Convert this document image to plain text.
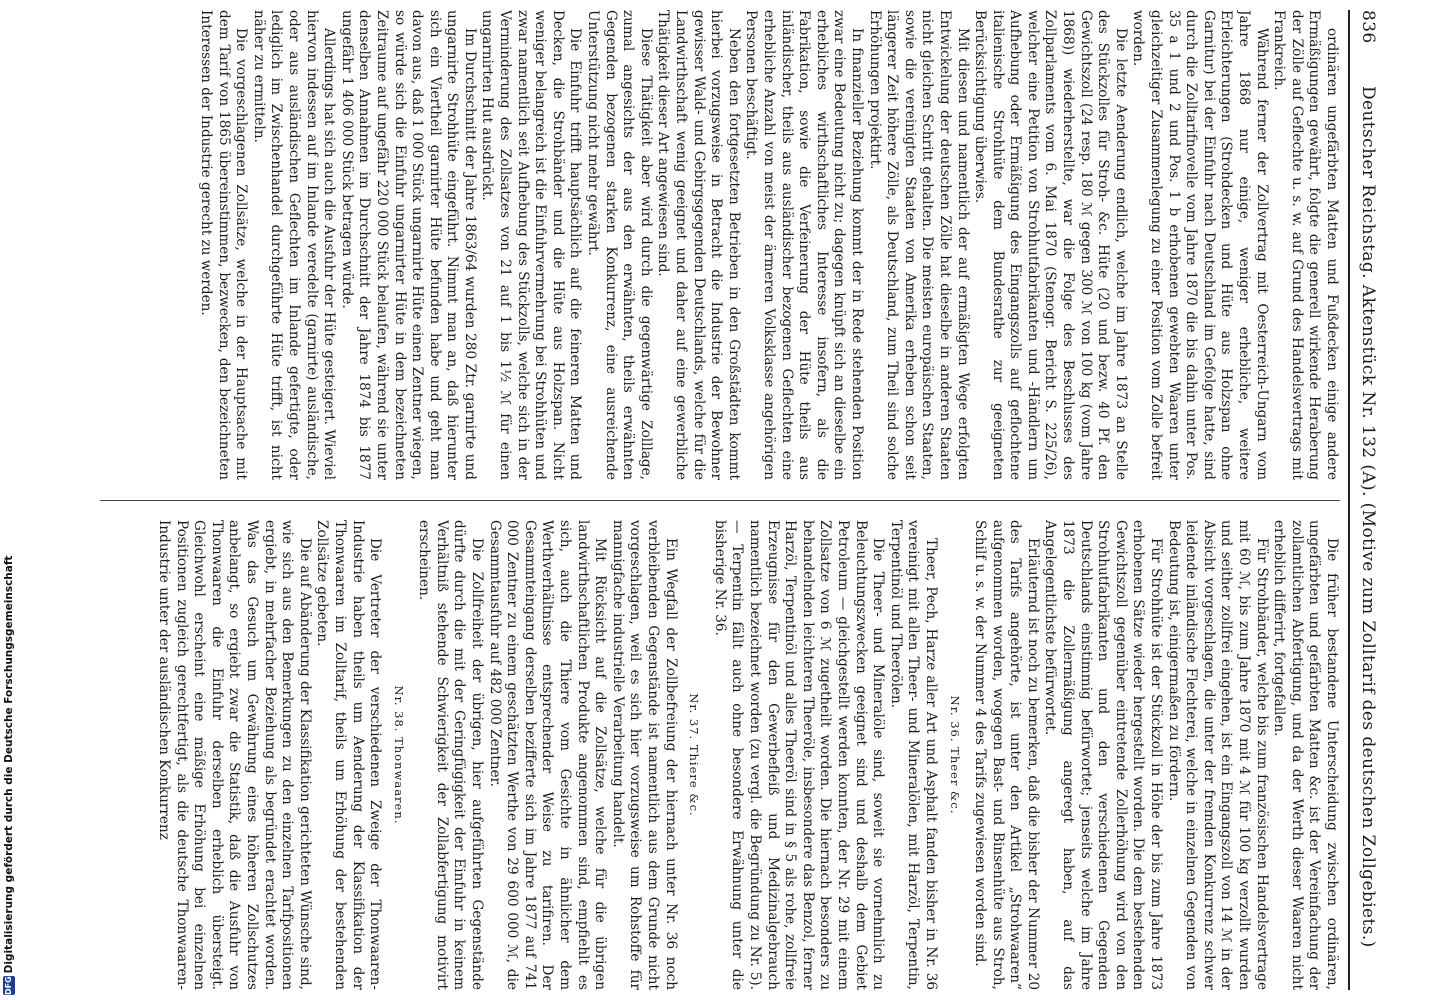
DFG
Digitalisierung gefördert durch die Deutsche Forschungsgemeinschaft
836
Deutscher Reichstag. Aktenstück Nr. 132 (A). (Motive zum Zolltarif des deutschen Zollgebiets.)

ordinären ungefärbten Matten und Fußdecken einige andere Ermäßigungen gewährt, folgte die generell wirkende Heraberung der Zölle auf Geflechte u. s. w. auf Grund des Handelsvertrags mit Frankreich.

Während ferner der Zollvertrag mit Oesterreich-Ungarn vom Jahre 1868 nur einige, weniger erhebliche, weitere Erleichterungen (Strohdecken und Hüte aus Holzspan ohne Garnitur) bei der Einfuhr nach Deutschland im Gefolge hatte, sind durch die Zolltarifnovelle vom Jahre 1870 die bis dahin unter Pos. 35 a 1 und 2 und Pos. 1 b erhobenen gewebten Waaren unter gleichzeitiger Zusammenlegung zu einer Position vom Zolle befreit worden.

Die letzte Aenderung endlich, welche im Jahre 1873 an Stelle des Stückzolles für Stroh- &c. Hüte (20 und bezw. 40 Pf. den Gewichtszoll (24 resp. 180 ℳ gegen 300 ℳ von 100 kg (vom Jahre 1868)) wiederherstellte, war die Folge des Beschlusses des Zollparlaments vom 6. Mai 1870 (Stenogr. Bericht S. 225/26), welcher eine Petition von Strohhutfabrikanten und -Händlern um Aufhebung oder Ermäßigung des Eingangszolls auf geflochtene italienische Strohhüte dem Bundesrathe zur geeigneten Berücksichtigung überwies.

Mit diesen und namentlich der auf ermäßigten Wege erfolgten Entwickelung der deutschen Zölle hat dieselbe in anderen Staaten nicht gleichen Schritt gehalten. Die meisten europäischen Staaten, sowie die vereinigten Staaten von Amerika erheben schon seit längerer Zeit höhere Zölle, als Deutschland, zum Theil sind solche Erhöhungen projektirt.

In finanzieller Beziehung kommt der in Rede stehenden Position zwar eine Bedeutung nicht zu; dagegen knüpft sich an dieselbe ein erhebliches wirthschaftliches Interesse insofern, als die Fabrikation, sowie die Verfeinerung der Hüte theils aus inländischer, theils aus ausländischer bezogenen Geflechten eine erhebliche Anzahl von meist der ärmeren Volksklasse angehörigen Personen beschäftigt.

Neben den fortgesetzten Betrieben in den Großstädten kommt hierbei vorzugsweise in Betracht die Industrie der Bewohner gewisser Wald- und Gebirgsgegenden Deutschlands, welche für die Landwirthschaft wenig geeignet und daher auf eine gewerbliche Thätigkeit dieser Art angewiesen sind.

Diese Thätigkeit aber wird durch die gegenwärtige Zolllage, zumal angesichts der aus den erwähnten, theils erwähnten Gegenden bezogenen starken Konkurrenz, eine ausreichende Unterstützung nicht mehr gewährt.

Die Einfuhr trifft hauptsächlich auf die feineren Matten und Decken, die Strohbänder und die Hüte aus Holzspan. Nicht weniger belangreich ist die Einfuhrvermehrung bei Strohhüten und zwar namentlich seit Aufhebung des Stückzolls, welche sich in der Verminderung des Zollsatzes von 21 auf 1 bis 1½ ℳ für einen ungarnirten Hut ausdrückt.

Im Durchschnitt der Jahre 1863/64 wurden 280 Ztr. garnirte und ungarnirte Strohhüte eingeführt. Nimmt man an, daß hierunter sich ein Viertheil garnirter Hüte befunden habe und geht man davon aus, daß 1 000 Stück ungarnirte Hüte einen Zentner wiegen, so würde sich die Einfuhr ungarnirter Hüte in dem bezeichneten Zeitraume auf ungefähr 220 000 Stück belaufen, während sie unter denselben Annahmen im Durchschnitt der Jahre 1874 bis 1877 ungefähr 1 406 000 Stück betragen würde.

Allerdings hat sich auch die Ausfuhr der Hüte gesteigert. Wieviel hiervon indessen auf im Inlande veredelte (garnirte) ausländische, oder aus ausländischen Geflechten im Inlande gefertigte, oder lediglich im Zwischenhandel durchgeführte Hüte trifft, ist nicht näher zu ermitteln.

Die vorgeschlagenen Zollsätze, welche in der Hauptsache mit dem Tarif von 1865 übereinstimmen, bezwecken, den bezeichneten Interessen der Industrie gerecht zu werden.

Die früher bestandene Unterscheidung zwischen ordinären, ungefärbten und gefärbten Matten &c. ist der Vereinfachung der zollamtlichen Abfertigung, und da der Werth dieser Waaren nicht erheblich differirt, fortgefallen.

Für Strohbänder, welche bis zum französischen Handelsvertrage mit 60 ℳ, bis zum Jahre 1870 mit 4 ℳ für 100 kg verzollt wurden und seither zollfrei eingehen, ist ein Eingangszoll von 14 ℳ in der Absicht vorgeschlagen, die unter der fremden Konkurrenz schwer leidende inländische Flechterei, welche in einzelnen Gegenden von Bedeutung ist, einigermaßen zu fördern.

Für Strohhüte ist der Stückzoll in Höhe der bis zum Jahre 1873 erhobenen Sätze wieder hergestellt worden. Die dem bestehenden Gewichtszoll gegenüber eintretende Zollerhöhung wird von den Strohhutfabrikanten und den verschiedenen Gegenden Deutschlands einstimmig befürwortet; jenseits welche im Jahre 1873 die Zollermäßigung angeregt haben, auf das Angelegentlichste befürwortet.

Erläuternd ist noch zu bemerken, daß die bisher der Nummer 20 des Tarifs angehörte, ist unter den Artikel „Strohwaaren“ aufgenommen worden, wogegen Bast- und Binsenhüte aus Stroh, Schilf u. s. w. der Nummer 4 des Tarifs zugewiesen worden sind.

Nr. 36. Theer &c.

Theer, Pech, Harze aller Art und Asphalt fanden bisher in Nr. 36 vereinigt mit allen Theer- und Mineralölen, mit Harzöl, Terpentin, Terpentinöl und Theerölen.

Die Theer- und Mineralöle sind, soweit sie vornehmlich zu Beleuchtungszwecken geeignet sind und deshalb dem Gebiet Petroleum — gleichgestellt werden konnten, der Nr. 29 mit einem Zollsatze von 6 ℳ zugetheilt worden. Die hiernach besonders zu behandelnden leichteren Theeröle, insbesondere das Benzol, ferner Harzöl, Terpentinöl und alles Theeröl sind in § 5 als rohe, zollfreie Erzeugnisse für den Gewerbefleiß und Medizinalgebrauch namentlich bezeichnet worden (zu vergl. die Begründung zu Nr. 5). — Terpentin fällt auch ohne besondere Erwähnung unter die bisherige Nr. 36.

Nr. 37. Thiere &c.

Ein Wegfall der Zollbefreiung der hiernach unter Nr. 36 noch verbleibenden Gegenstände ist namentlich aus dem Grunde nicht vorgeschlagen, weil es sich hier vorzugsweise um Rohstoffe für mannigfache industrielle Verarbeitung handelt.

Mit Rücksicht auf die Zollsätze, welche für die übrigen landwirthschaftlichen Produkte angenommen sind, empfiehlt es sich, auch die Thiere vom Gesichte in ähnlicher dem Werthverhältnisse entsprechender Weise zu tarifiren. Der Gesammteingang derselben bezifferte sich im Jahre 1877 auf 741 000 Zentner zu einem geschätzten Werthe von 29 600 000 ℳ, die Gesammtausfuhr auf 482 000 Zentner.

Die Zollfreiheit der übrigen, hier aufgeführten Gegenstände dürfte durch die mit der Geringfügigkeit der Einfuhr in keinem Verhältniß stehende Schwierigkeit der Zollabfertigung motivirt erscheinen.

Nr. 38. Thonwaaren.

Die Vertreter der verschiedenen Zweige der Thonwaaren-Industrie haben theils um Aenderung der Klassifikation der Thonwaaren im Zolltarif, theils um Erhöhung der bestehenden Zollsätze gebeten.

Die auf Abänderung der Klassifikation gerichteten Wünsche sind, wie sich aus den Bemerkungen zu den einzelnen Tarifpositionen ergiebt, in mehrfacher Beziehung als begründet erachtet worden. Was das Gesuch um Gewährung eines höheren Zollschutzes anbelangt, so ergiebt zwar die Statistik, daß die Ausfuhr von Thonwaaren die Einfuhr derselben erheblich übersteigt. Gleichwohl erscheint eine mäßige Erhöhung bei einzelnen Positionen zugleich gerechtfertigt, als die deutsche Thonwaaren-Industrie unter der ausländischen Konkurrenz
